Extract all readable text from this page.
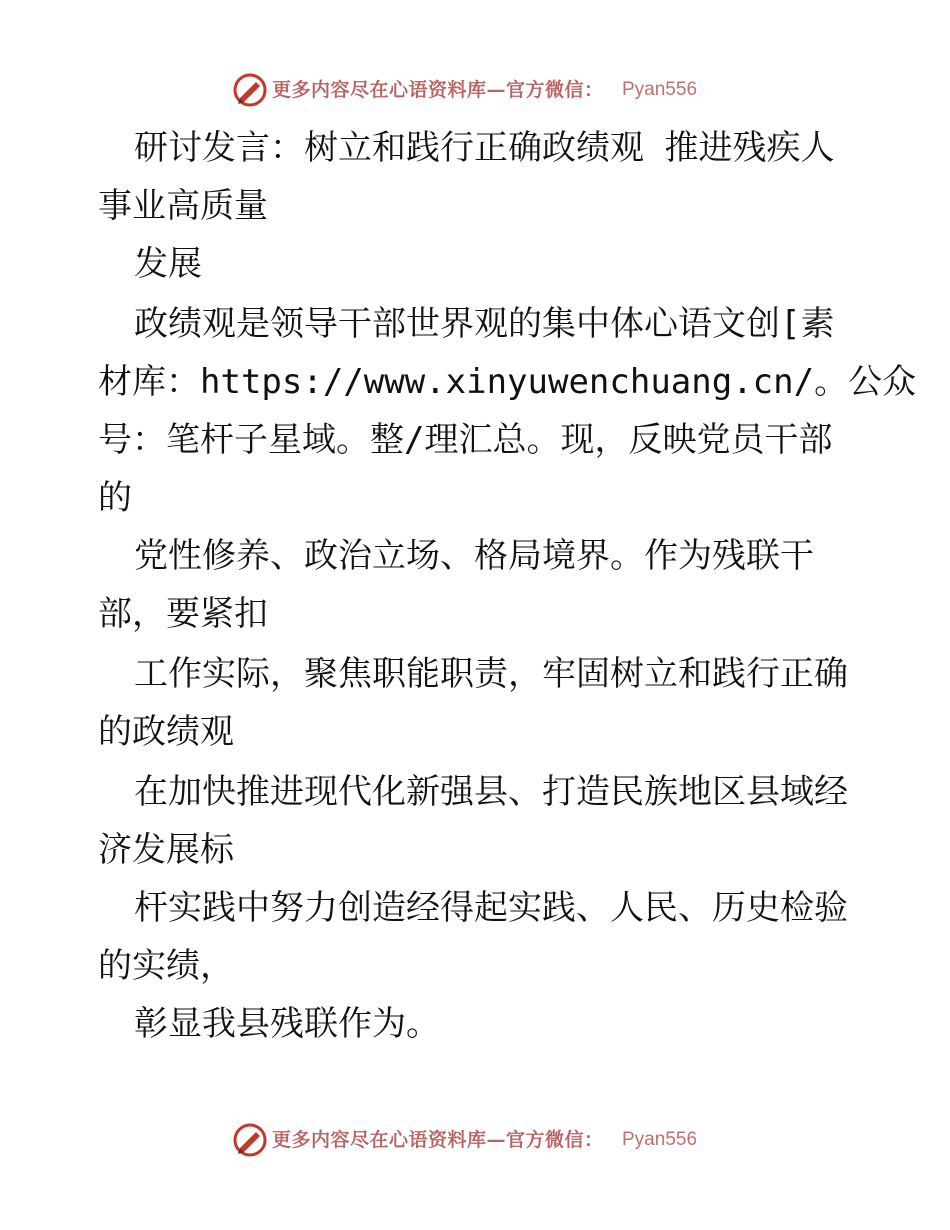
更多内容尽在心语资料库—官方微信： Pyan556
研讨发言：树立和践行正确政绩观 推进残疾人
事业高质量
发展
政绩观是领导干部世界观的集中体心语文创[素
材库：https://www.xinyuwenchuang.cn/。公众
号：笔杆子星域。整/理汇总。现，反映党员干部
的
党性修养、政治立场、格局境界。作为残联干
部，要紧扣
工作实际，聚焦职能职责，牢固树立和践行正确
的政绩观
在加快推进现代化新强县、打造民族地区县域经
济发展标
杆实践中努力创造经得起实践、人民、历史检验
的实绩，
彰显我县残联作为。
更多内容尽在心语资料库—官方微信： Pyan556
